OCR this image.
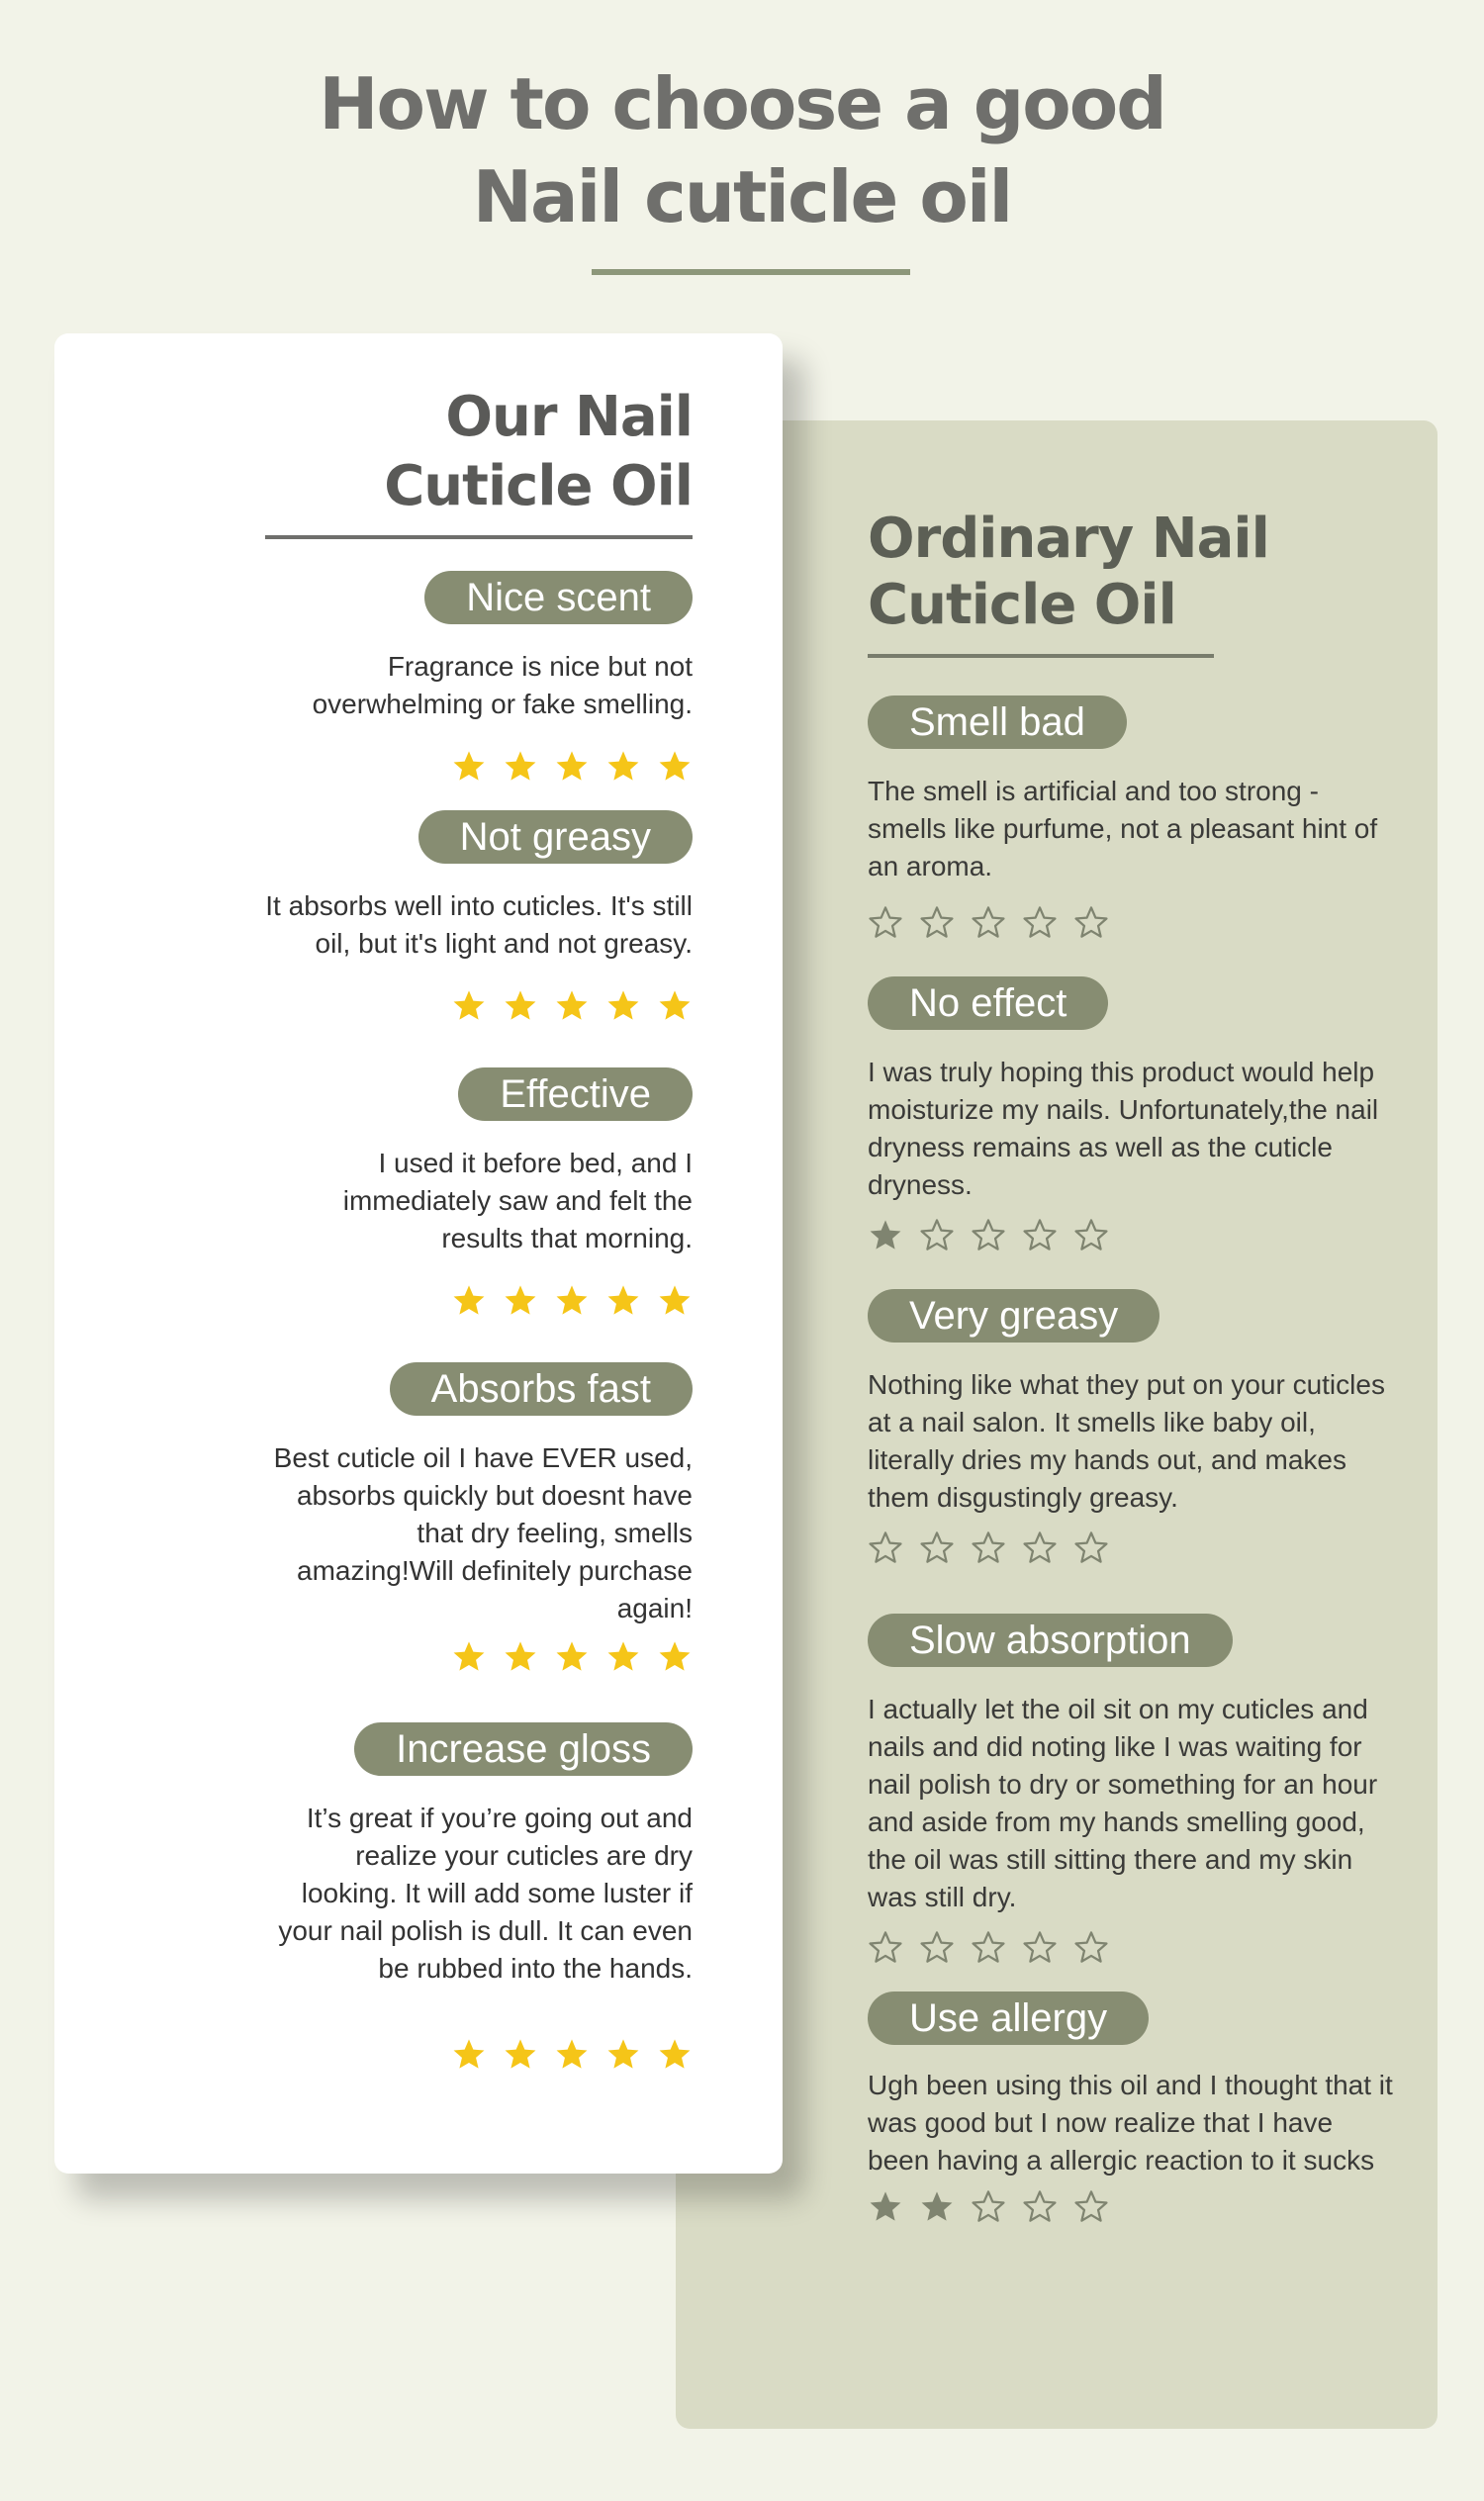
How to choose a good
Nail cuticle oil
Ordinary Nail
Cuticle Oil
Smell bad
The smell is artificial and too strong - smells like purfume, not a pleasant hint of an aroma.
No effect
I was truly hoping this product would help moisturize my nails. Unfortunately,the nail dryness remains as well as the cuticle dryness.
Very greasy
Nothing like what they put on your cuticles at a nail salon. It smells like baby oil, literally dries my hands out, and makes them disgustingly greasy.
Slow absorption
I actually let the oil sit on my cuticles and nails and did noting like I was waiting for nail polish to dry or something for an hour and aside from my hands smelling good, the oil was still sitting there and my skin was still dry.
Use allergy
Ugh been using this oil and I thought that it was good but I now realize that I have been having a allergic reaction to it sucks
Our Nail
Cuticle Oil
Nice scent
Fragrance is nice but not overwhelming or fake smelling.
Not greasy
It absorbs well into cuticles. It's still oil, but it's light and not greasy.
Effective
I used it before bed, and I immediately saw and felt the results that morning.
Absorbs fast
Best cuticle oil I have EVER used, absorbs quickly but doesnt have that dry feeling, smells amazing!Will definitely purchase again!
Increase gloss
It’s great if you’re going out and realize your cuticles are dry looking. It will add some luster if your nail polish is dull. It can even be rubbed into the hands.
